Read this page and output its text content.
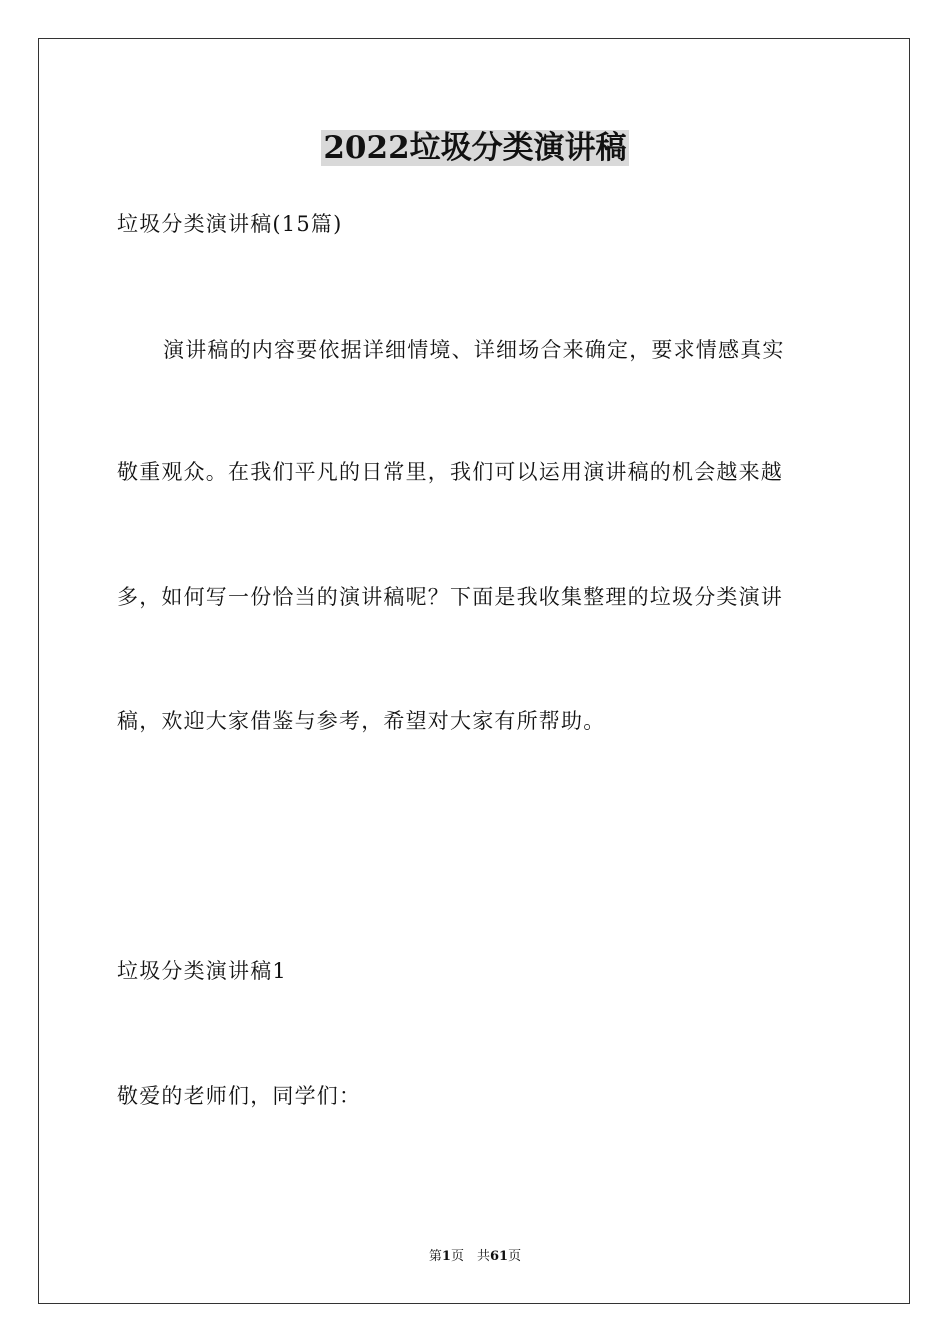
2022垃圾分类演讲稿
垃圾分类演讲稿(15篇)
演讲稿的内容要依据详细情境、详细场合来确定，要求情感真实
敬重观众。在我们平凡的日常里，我们可以运用演讲稿的机会越来越
多，如何写一份恰当的演讲稿呢？下面是我收集整理的垃圾分类演讲
稿，欢迎大家借鉴与参考，希望对大家有所帮助。
垃圾分类演讲稿1
敬爱的老师们，同学们：
第1页　共61页
